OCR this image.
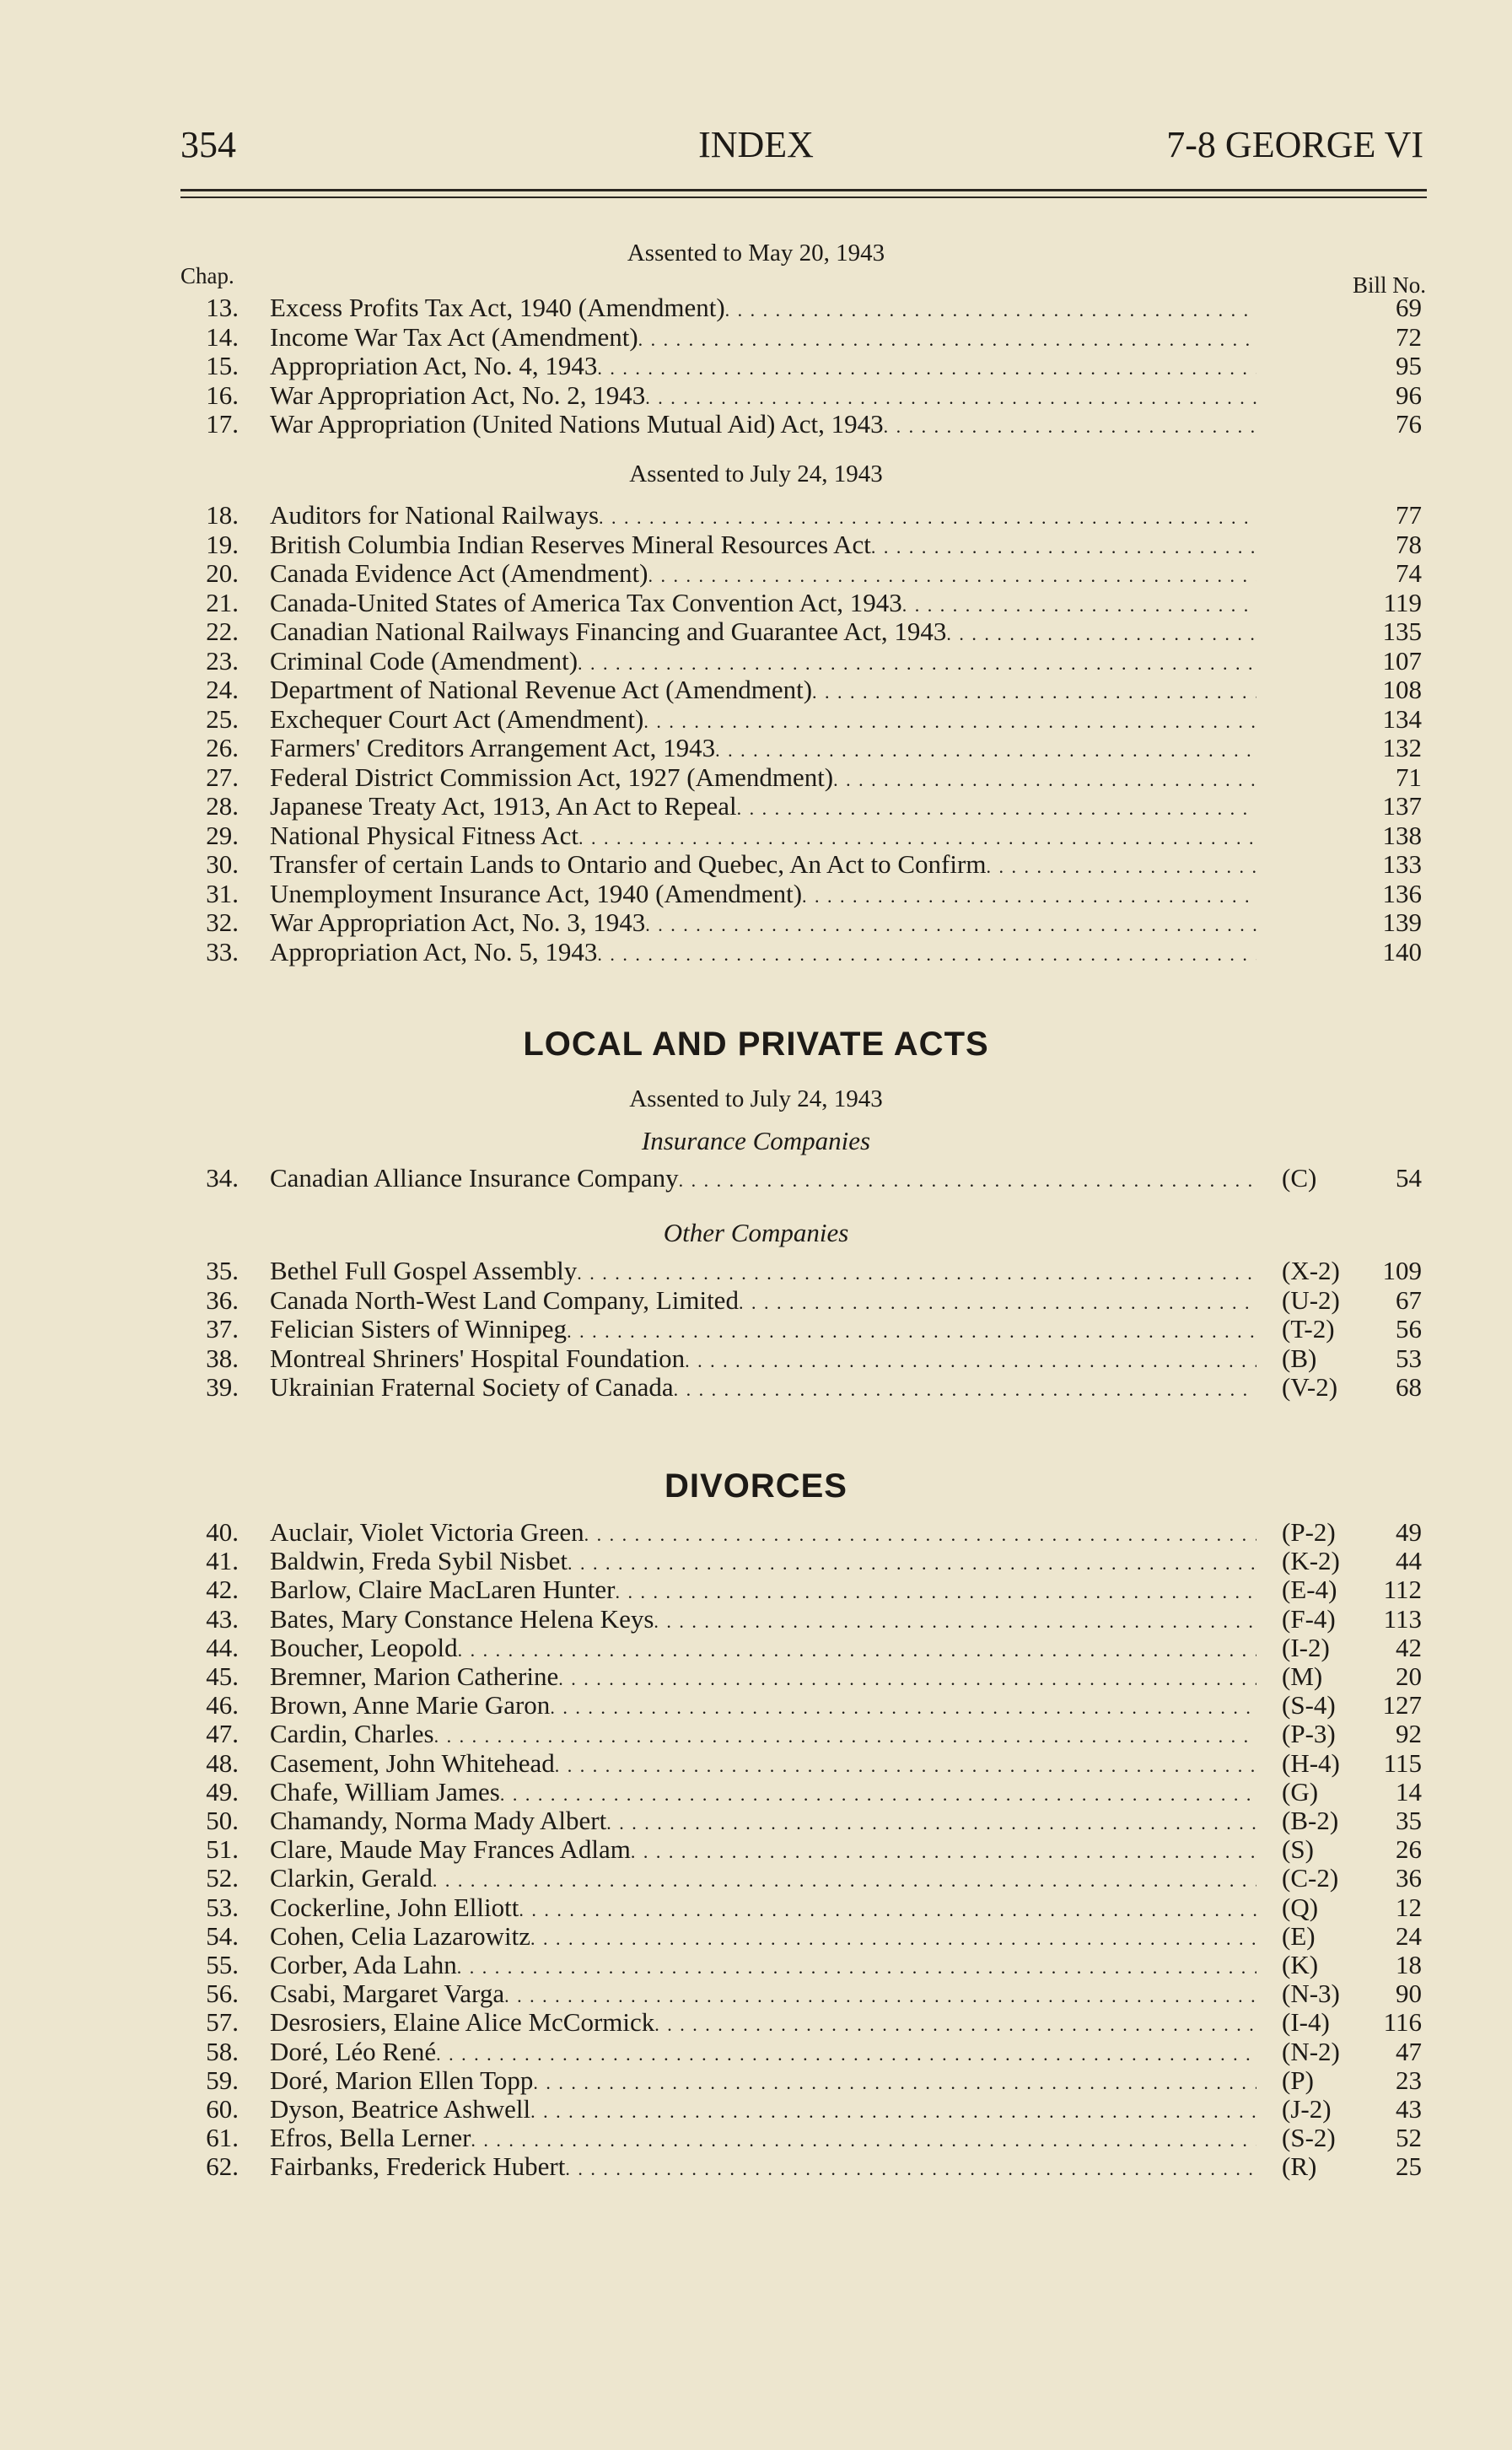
354	INDEX	7-8 GEORGE VI
Assented to May 20, 1943
Chap.	Bill No.
13. Excess Profits Tax Act, 1940 (Amendment) . . .	69
14. Income War Tax Act (Amendment) . . .	72
15. Appropriation Act, No. 4, 1943 . . .	95
16. War Appropriation Act, No. 2, 1943 . . .	96
17. War Appropriation (United Nations Mutual Aid) Act, 1943 . . .	76
Assented to July 24, 1943
18. Auditors for National Railways . . .	77
19. British Columbia Indian Reserves Mineral Resources Act . . .	78
20. Canada Evidence Act (Amendment) . . .	74
21. Canada-United States of America Tax Convention Act, 1943 . . .	119
22. Canadian National Railways Financing and Guarantee Act, 1943 . . .	135
23. Criminal Code (Amendment) . . .	107
24. Department of National Revenue Act (Amendment) . . .	108
25. Exchequer Court Act (Amendment) . . .	134
26. Farmers' Creditors Arrangement Act, 1943 . . .	132
27. Federal District Commission Act, 1927 (Amendment) . . .	71
28. Japanese Treaty Act, 1913, An Act to Repeal . . .	137
29. National Physical Fitness Act . . .	138
30. Transfer of certain Lands to Ontario and Quebec, An Act to Confirm . . .	133
31. Unemployment Insurance Act, 1940 (Amendment) . . .	136
32. War Appropriation Act, No. 3, 1943 . . .	139
33. Appropriation Act, No. 5, 1943 . . .	140
LOCAL AND PRIVATE ACTS
Assented to July 24, 1943
Insurance Companies
34. Canadian Alliance Insurance Company . . .	(C)	54
Other Companies
35. Bethel Full Gospel Assembly . . .	(X-2)	109
36. Canada North-West Land Company, Limited . . .	(U-2)	67
37. Felician Sisters of Winnipeg . . .	(T-2)	56
38. Montreal Shriners' Hospital Foundation . . .	(B)	53
39. Ukrainian Fraternal Society of Canada . . .	(V-2)	68
DIVORCES
40. Auclair, Violet Victoria Green . . .	(P-2)	49
41. Baldwin, Freda Sybil Nisbet . . .	(K-2)	44
42. Barlow, Claire MacLaren Hunter . . .	(E-4)	112
43. Bates, Mary Constance Helena Keys . . .	(F-4)	113
44. Boucher, Leopold . . .	(I-2)	42
45. Bremner, Marion Catherine . . .	(M)	20
46. Brown, Anne Marie Garon . . .	(S-4)	127
47. Cardin, Charles . . .	(P-3)	92
48. Casement, John Whitehead . . .	(H-4)	115
49. Chafe, William James . . .	(G)	14
50. Chamandy, Norma Mady Albert . . .	(B-2)	35
51. Clare, Maude May Frances Adlam . . .	(S)	26
52. Clarkin, Gerald . . .	(C-2)	36
53. Cockerline, John Elliott . . .	(Q)	12
54. Cohen, Celia Lazarowitz . . .	(E)	24
55. Corber, Ada Lahn . . .	(K)	18
56. Csabi, Margaret Varga . . .	(N-3)	90
57. Desrosiers, Elaine Alice McCormick . . .	(I-4)	116
58. Doré, Léo René . . .	(N-2)	47
59. Doré, Marion Ellen Topp . . .	(P)	23
60. Dyson, Beatrice Ashwell . . .	(J-2)	43
61. Efros, Bella Lerner . . .	(S-2)	52
62. Fairbanks, Frederick Hubert . . .	(R)	25
